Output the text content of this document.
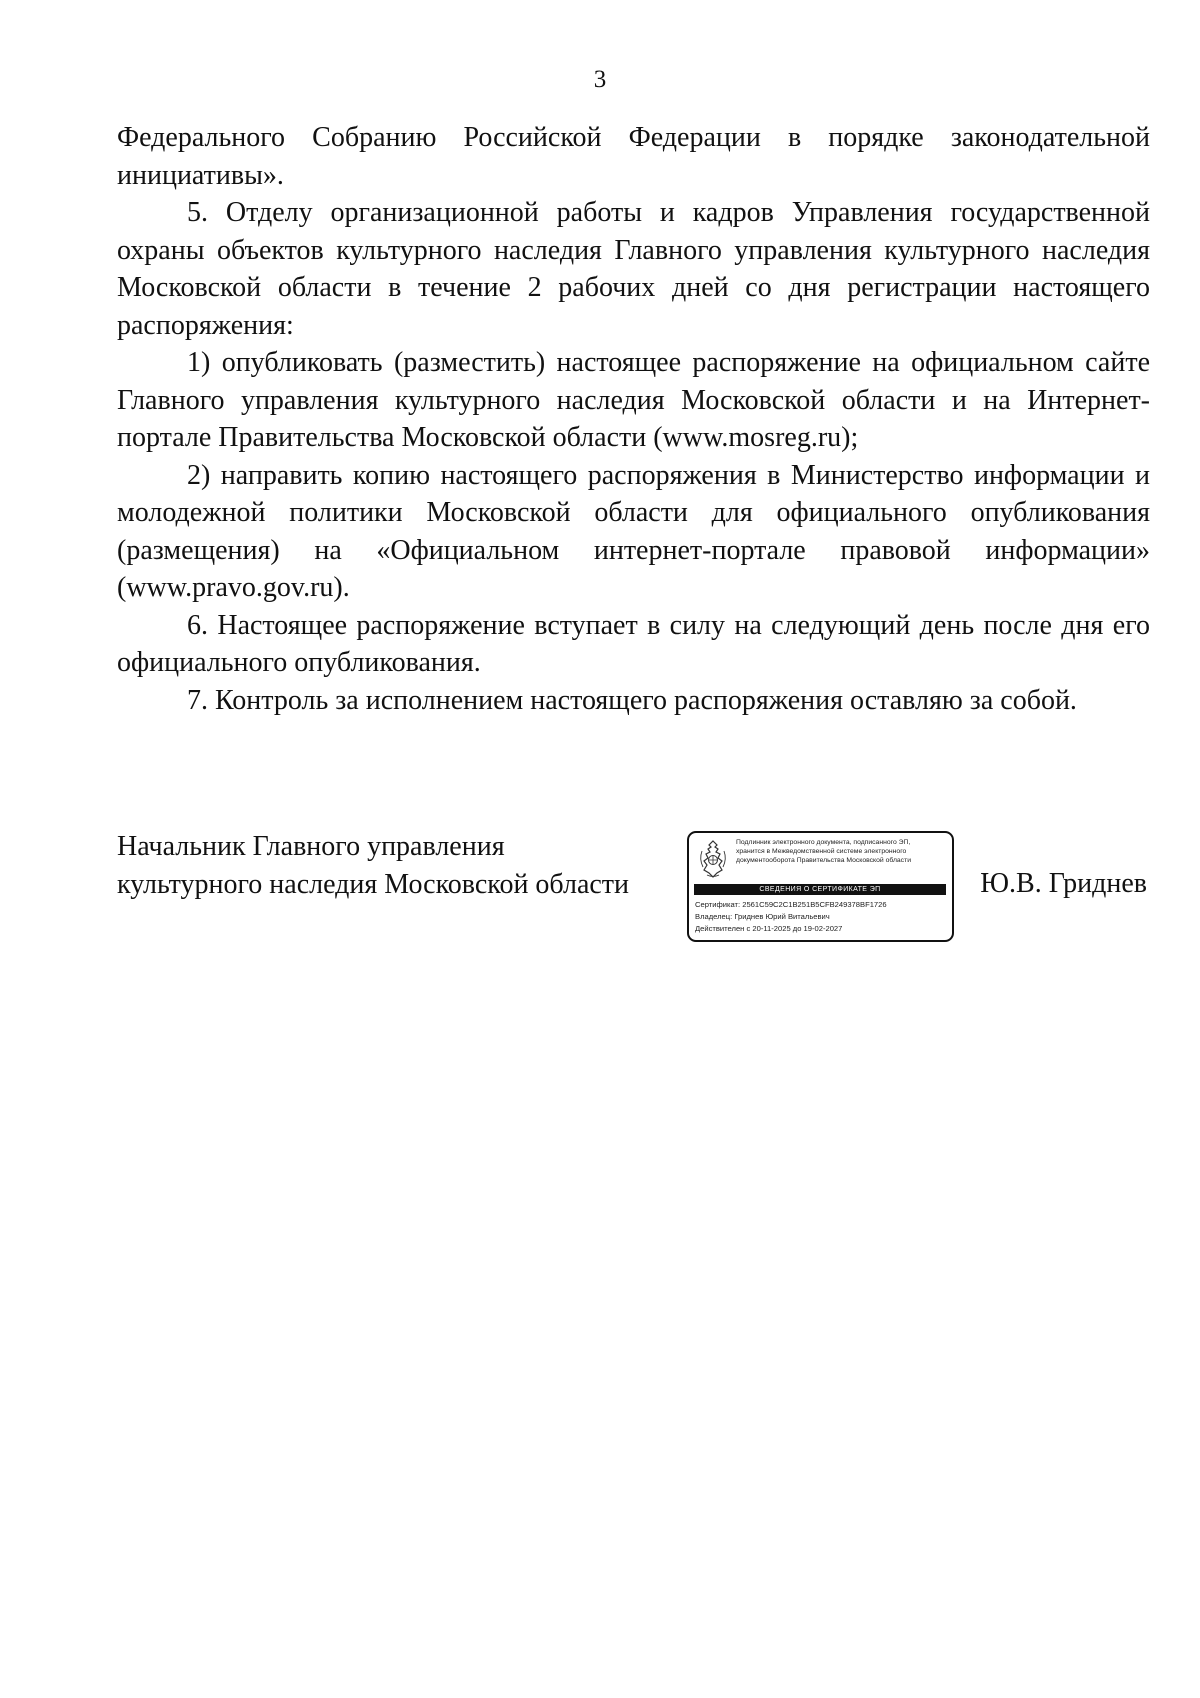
3

Федерального Собранию Российской Федерации в порядке законодательной инициативы».

5. Отделу организационной работы и кадров Управления государственной охраны объектов культурного наследия Главного управления культурного наследия Московской области в течение 2 рабочих дней со дня регистрации настоящего распоряжения:

1) опубликовать (разместить) настоящее распоряжение на официальном сайте Главного управления культурного наследия Московской области и на Интернет-портале Правительства Московской области (www.mosreg.ru);

2) направить копию настоящего распоряжения в Министерство информации и молодежной политики Московской области для официального опубликования (размещения) на «Официальном интернет-портале правовой информации» (www.pravo.gov.ru).

6. Настоящее распоряжение вступает в силу на следующий день после дня его официального опубликования.

7. Контроль за исполнением настоящего распоряжения оставляю за собой.

Начальник Главного управления
культурного наследия Московской области
Подлинник электронного документа, подписанного ЭП,
хранится в Межведомственной системе электронного
документооборота Правительства Московской области
СВЕДЕНИЯ О СЕРТИФИКАТЕ ЭП
Сертификат: 2561C59C2C1B251B5CFB249378BF1726
Владелец: Гриднев Юрий Витальевич
Действителен с 20-11-2025 до 19-02-2027
Ю.В. Гриднев
